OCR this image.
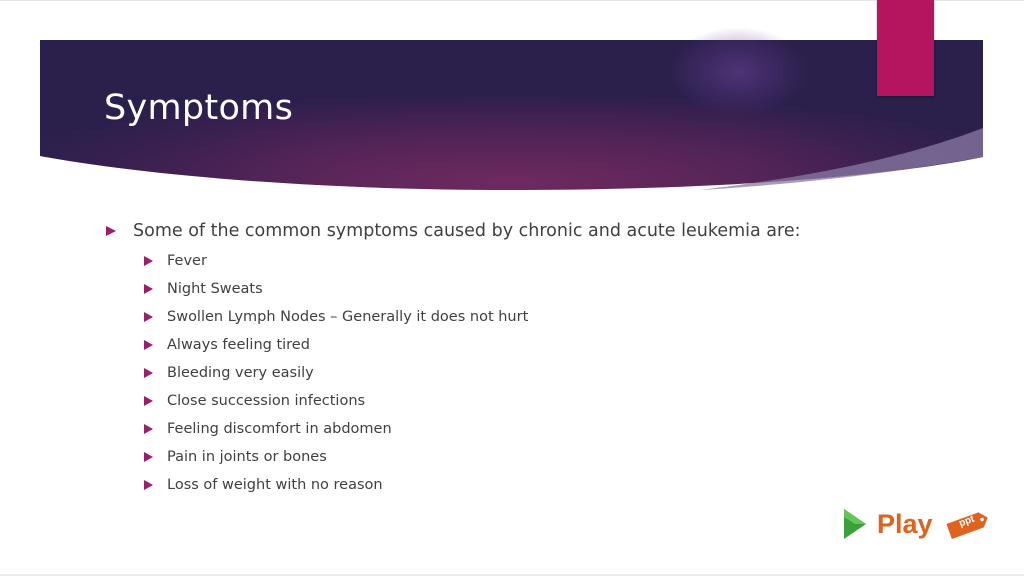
Symptoms
Some of the common symptoms caused by chronic and acute leukemia are:
Fever
Night Sweats
Swollen Lymph Nodes – Generally it does not hurt
Always feeling tired
Bleeding very easily
Close succession infections
Feeling discomfort in abdomen
Pain in joints or bones
Loss of weight with no reason
Play	ppt
